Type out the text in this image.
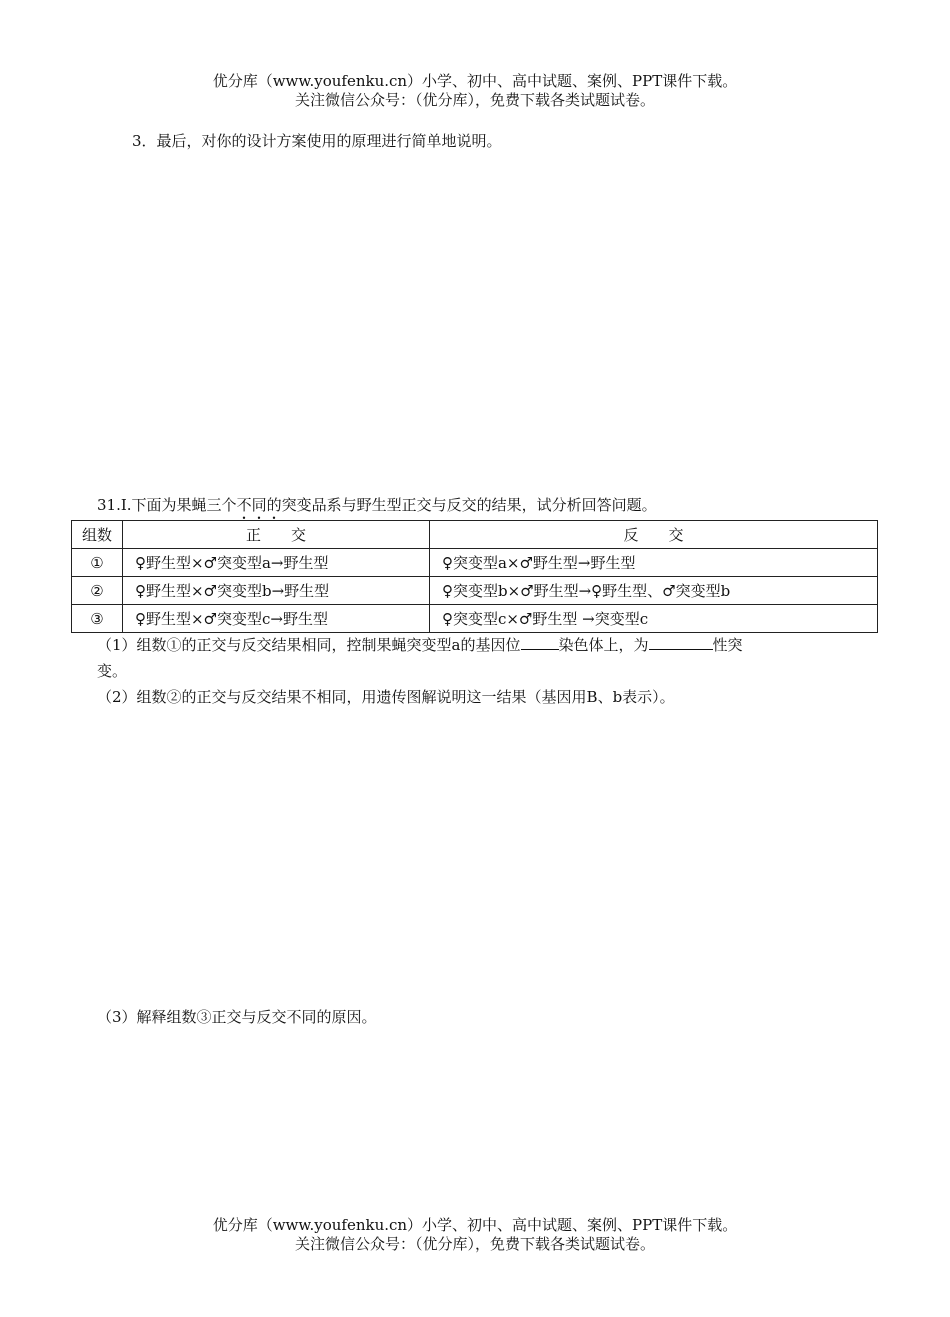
优分库（www.youfenku.cn）小学、初中、高中试题、案例、PPT课件下载。
关注微信公众号：（优分库），免费下载各类试题试卷。
3．最后，对你的设计方案使用的原理进行简单地说明。
31.Ⅰ.下面为果蝇三个不同的突变品系与野生型正交与反交的结果，试分析回答问题。
组数	正　　交	反　　交
①	♀野生型×♂突变型a→野生型	♀突变型a×♂野生型→野生型
②	♀野生型×♂突变型b→野生型	♀突变型b×♂野生型→♀野生型、♂突变型b
③	♀野生型×♂突变型c→野生型	♀突变型c×♂野生型 →突变型c
（1）组数①的正交与反交结果相同，控制果蝇突变型a的基因位	染色体上，为	性突
变。
（2）组数②的正交与反交结果不相同，用遗传图解说明这一结果（基因用B、b表示）。
（3）解释组数③正交与反交不同的原因。
优分库（www.youfenku.cn）小学、初中、高中试题、案例、PPT课件下载。
关注微信公众号：（优分库），免费下载各类试题试卷。
